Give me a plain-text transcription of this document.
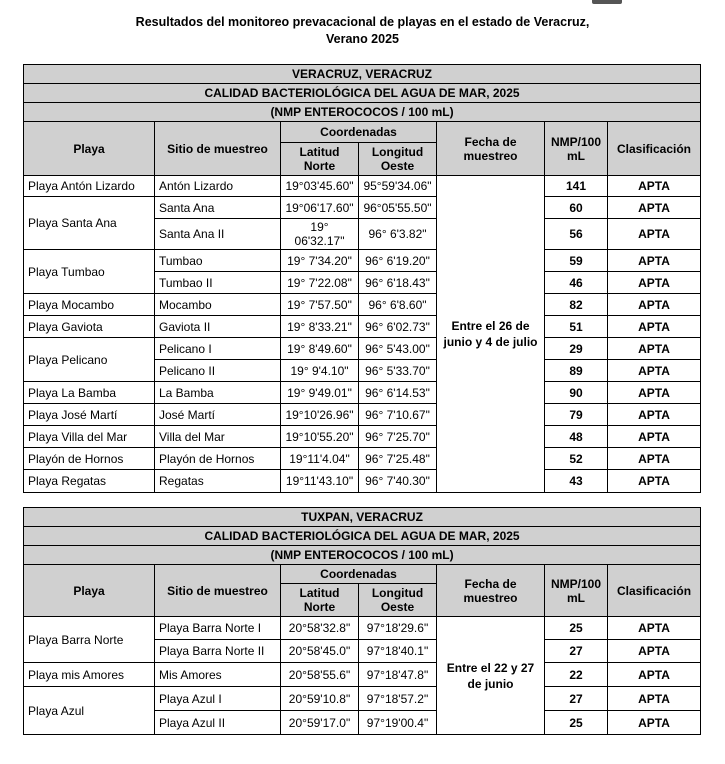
Resultados del monitoreo prevacacional de playas en el estado de Veracruz,
Verano 2025
VERACRUZ, VERACRUZ						
CALIDAD BACTERIOLÓGICA DEL AGUA DE MAR, 2025						
(NMP ENTEROCOCOS / 100 mL)						
Playa	Sitio de muestreo	Coordenadas		Fecha de muestreo	NMP/100 mL	Clasificación
		Latitud Norte	Longitud Oeste			
Playa Antón Lizardo	Antón Lizardo	19°03'45.60"	95°59'34.06"	Entre el 26 de junio y 4 de julio	141	APTA
Playa Santa Ana	Santa Ana	19°06'17.60"	96°05'55.50"		60	APTA
	Santa Ana II	19° 06'32.17"	96° 6'3.82"		56	APTA
Playa Tumbao	Tumbao	19° 7'34.20"	96° 6'19.20"		59	APTA
	Tumbao II	19° 7'22.08"	96° 6'18.43"		46	APTA
Playa Mocambo	Mocambo	19° 7'57.50"	96° 6'8.60"		82	APTA
Playa Gaviota	Gaviota II	19° 8'33.21"	96° 6'02.73"		51	APTA
Playa Pelicano	Pelicano I	19° 8'49.60"	96° 5'43.00"		29	APTA
	Pelicano II	19° 9'4.10"	96° 5'33.70"		89	APTA
Playa La Bamba	La Bamba	19° 9'49.01"	96° 6'14.53"		90	APTA
Playa José Martí	José Martí	19°10'26.96"	96° 7'10.67"		79	APTA
Playa Villa del Mar	Villa del Mar	19°10'55.20"	96° 7'25.70"		48	APTA
Playón de Hornos	Playón de Hornos	19°11'4.04"	96° 7'25.48"		52	APTA
Playa Regatas	Regatas	19°11'43.10"	96° 7'40.30"		43	APTA
TUXPAN, VERACRUZ						
CALIDAD BACTERIOLÓGICA DEL AGUA DE MAR, 2025						
(NMP ENTEROCOCOS / 100 mL)						
Playa	Sitio de muestreo	Coordenadas		Fecha de muestreo	NMP/100 mL	Clasificación
		Latitud Norte	Longitud Oeste			
Playa Barra Norte	Playa Barra Norte I	20°58'32.8"	97°18'29.6"	Entre el 22 y 27 de junio	25	APTA
	Playa Barra Norte II	20°58'45.0"	97°18'40.1"		27	APTA
Playa mis Amores	Mis Amores	20°58'55.6"	97°18'47.8"		22	APTA
Playa Azul	Playa Azul I	20°59'10.8"	97°18'57.2"		27	APTA
	Playa Azul II	20°59'17.0"	97°19'00.4"		25	APTA
